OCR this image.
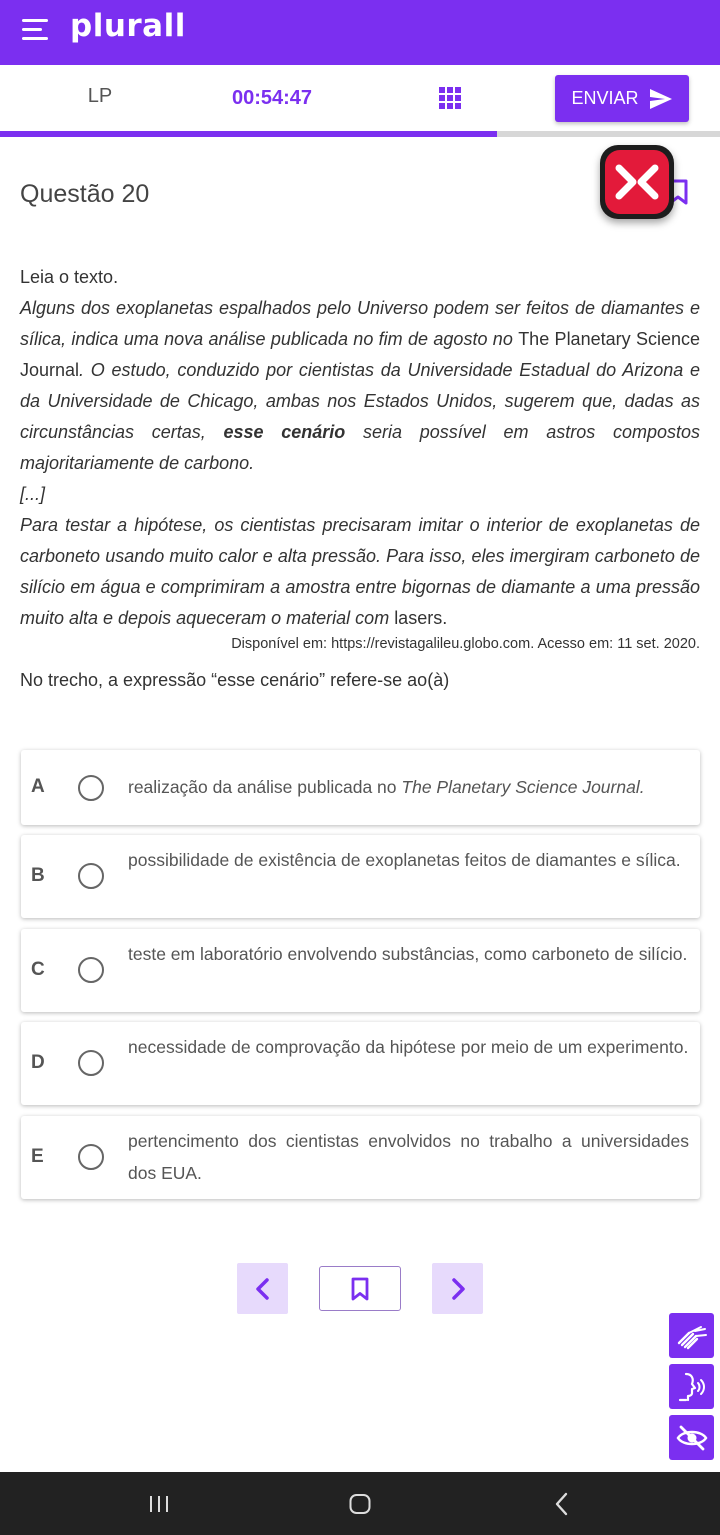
plurall
LP	00:54:47	ENVIAR
Questão 20

Leia o texto.

Alguns dos exoplanetas espalhados pelo Universo podem ser feitos de diamantes e sílica, indica uma nova análise publicada no fim de agosto no The Planetary Science Journal. O estudo, conduzido por cientistas da Universidade Estadual do Arizona e da Universidade de Chicago, ambas nos Estados Unidos, sugerem que, dadas as circunstâncias certas, esse cenário seria possível em astros compostos majoritariamente de carbono.

[...]

Para testar a hipótese, os cientistas precisaram imitar o interior de exoplanetas de carboneto usando muito calor e alta pressão. Para isso, eles imergiram carboneto de silício em água e comprimiram a amostra entre bigornas de diamante a uma pressão muito alta e depois aqueceram o material com lasers.

Disponível em: https://revistagalileu.globo.com. Acesso em: 11 set. 2020.
No trecho, a expressão “esse cenário” refere-se ao(à)
A	realização da análise publicada no The Planetary Science Journal.
B
possibilidade de existência de exoplanetas feitos de diamantes e sílica.
C
teste em laboratório envolvendo substâncias, como carboneto de silício.
D
necessidade de comprovação da hipótese por meio de um experimento.
E
pertencimento dos cientistas envolvidos no trabalho a universidades dos EUA.
